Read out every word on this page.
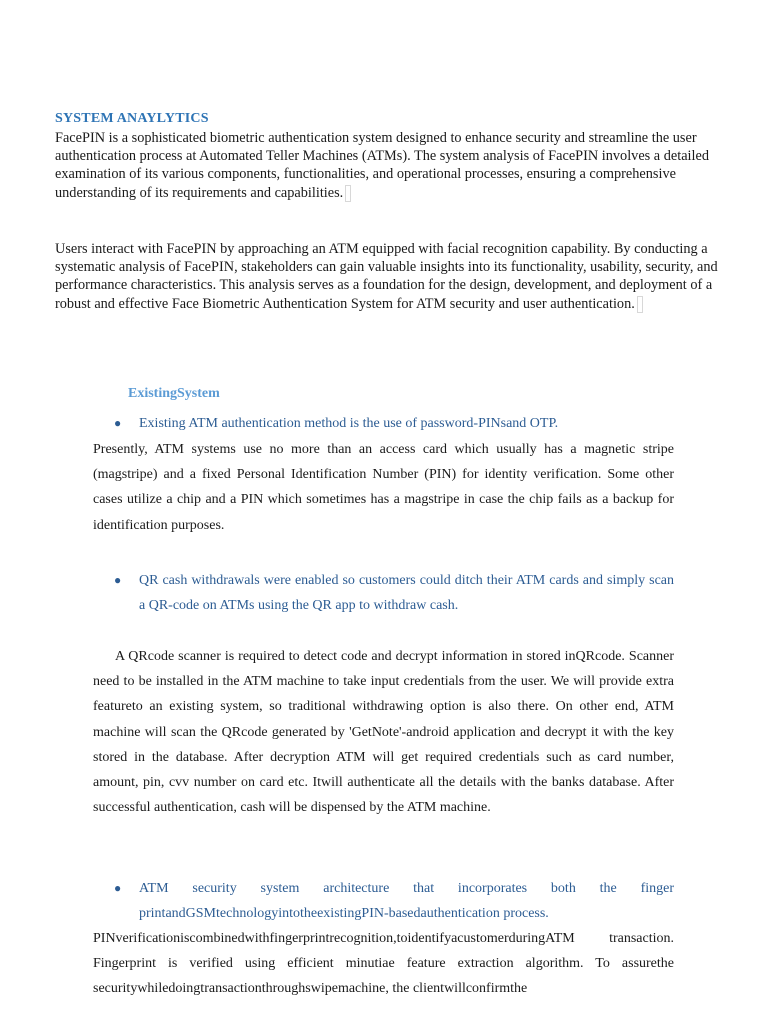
SYSTEM ANAYLYTICS

FacePIN is a sophisticated biometric authentication system designed to enhance security and streamline the user authentication process at Automated Teller Machines (ATMs). The system analysis of FacePIN involves a detailed examination of its various components, functionalities, and operational processes, ensuring a comprehensive understanding of its requirements and capabilities.

Users interact with FacePIN by approaching an ATM equipped with facial recognition capability. By conducting a systematic analysis of FacePIN, stakeholders can gain valuable insights into its functionality, usability, security, and performance characteristics. This analysis serves as a foundation for the design, development, and deployment of a robust and effective Face Biometric Authentication System for ATM security and user authentication.

ExistingSystem
● Existing ATM authentication method is the use of password-PINsand OTP.

Presently, ATM systems use no more than an access card which usually has a magnetic stripe (magstripe) and a fixed Personal Identification Number (PIN) for identity verification. Some other cases utilize a chip and a PIN which sometimes has a magstripe in case the chip fails as a backup for identification purposes.

● QR cash withdrawals were enabled so customers could ditch their ATM cards and simply scan a QR-code on ATMs using the QR app to withdraw cash.

A QRcode scanner is required to detect code and decrypt information in stored inQRcode. Scanner need to be installed in the ATM machine to take input credentials from the user. We will provide extra featureto an existing system, so traditional withdrawing option is also there. On other end, ATM machine will scan the QRcode generated by 'GetNote'-android application and decrypt it with the key stored in the database. After decryption ATM will get required credentials such as card number, amount, pin, cvv number on card etc. Itwill authenticate all the details with the banks database. After successful authentication, cash will be dispensed by the ATM machine.

● ATM security system architecture that incorporates both the finger printandGSMtechnologyintotheexistingPIN-basedauthentication process.

PINverificationiscombinedwithfingerprintrecognition,toidentifyacustomerduringATM transaction. Fingerprint is verified using efficient minutiae feature extraction algorithm. To assurethe securitywhiledoingtransactionthroughswipemachine, the clientwillconfirmthe
